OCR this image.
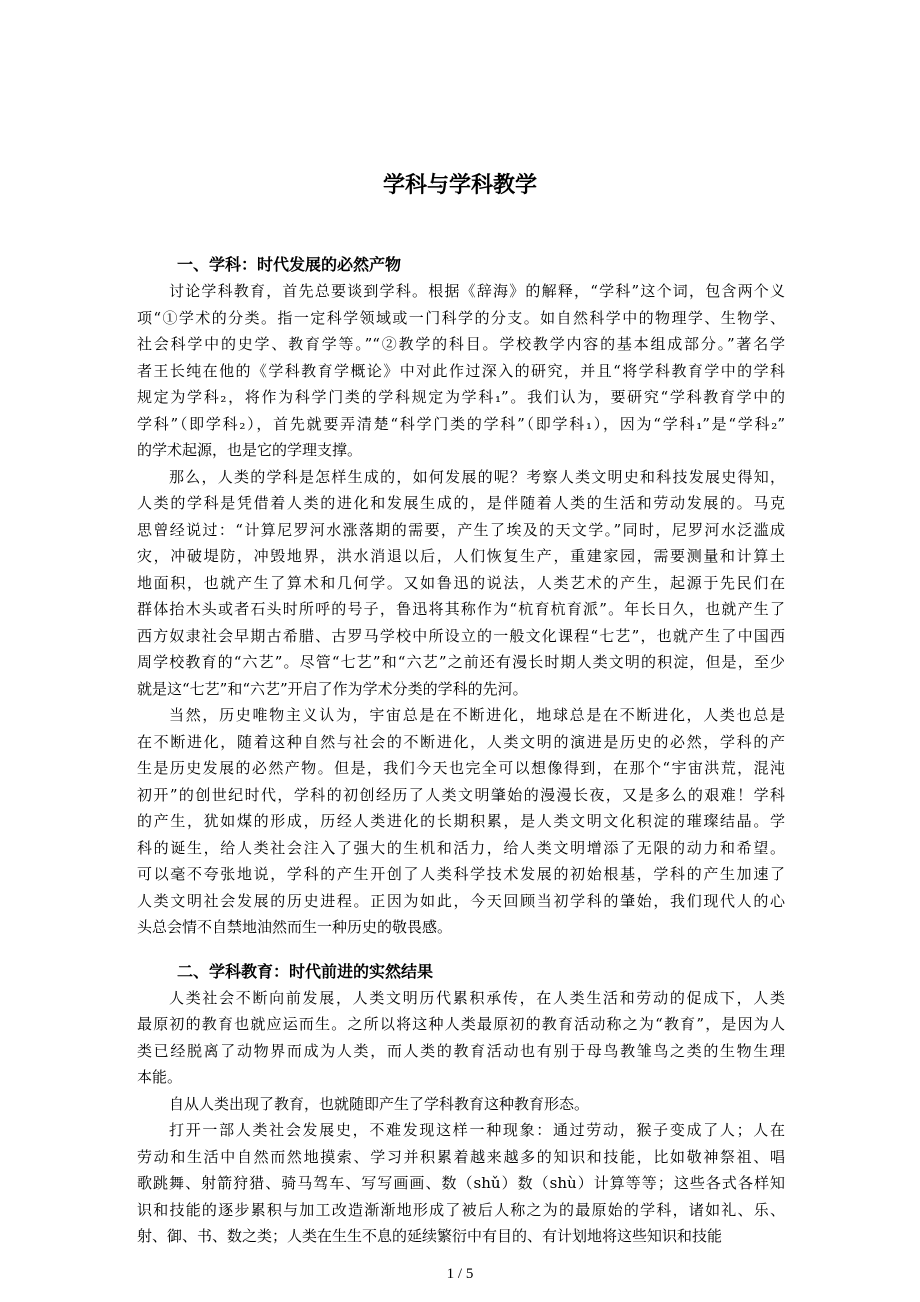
学科与学科教学
一、学科：时代发展的必然产物
讨论学科教育，首先总要谈到学科。根据《辞海》的解释，“学科”这个词，包含两个义
项“①学术的分类。指一定科学领域或一门科学的分支。如自然科学中的物理学、生物学、
社会科学中的史学、教育学等。”“②教学的科目。学校教学内容的基本组成部分。”著名学
者王长纯在他的《学科教育学概论》中对此作过深入的研究，并且“将学科教育学中的学科
规定为学科₂，将作为科学门类的学科规定为学科₁”。我们认为，要研究“学科教育学中的
学科”（即学科₂），首先就要弄清楚“科学门类的学科”（即学科₁），因为“学科₁”是“学科₂”
的学术起源，也是它的学理支撑。
那么，人类的学科是怎样生成的，如何发展的呢？考察人类文明史和科技发展史得知，
人类的学科是凭借着人类的进化和发展生成的，是伴随着人类的生活和劳动发展的。马克
思曾经说过：“计算尼罗河水涨落期的需要，产生了埃及的天文学。”同时，尼罗河水泛滥成
灾，冲破堤防，冲毁地界，洪水消退以后，人们恢复生产，重建家园，需要测量和计算土
地面积，也就产生了算术和几何学。又如鲁迅的说法，人类艺术的产生，起源于先民们在
群体抬木头或者石头时所呼的号子，鲁迅将其称作为“杭育杭育派”。年长日久，也就产生了
西方奴隶社会早期古希腊、古罗马学校中所设立的一般文化课程“七艺”，也就产生了中国西
周学校教育的“六艺”。尽管“七艺”和“六艺”之前还有漫长时期人类文明的积淀，但是，至少
就是这“七艺”和“六艺”开启了作为学术分类的学科的先河。
当然，历史唯物主义认为，宇宙总是在不断进化，地球总是在不断进化，人类也总是
在不断进化，随着这种自然与社会的不断进化，人类文明的演进是历史的必然，学科的产
生是历史发展的必然产物。但是，我们今天也完全可以想像得到，在那个“宇宙洪荒，混沌
初开”的创世纪时代，学科的初创经历了人类文明肇始的漫漫长夜，又是多么的艰难！学科
的产生，犹如煤的形成，历经人类进化的长期积累，是人类文明文化积淀的璀璨结晶。学
科的诞生，给人类社会注入了强大的生机和活力，给人类文明增添了无限的动力和希望。
可以毫不夸张地说，学科的产生开创了人类科学技术发展的初始根基，学科的产生加速了
人类文明社会发展的历史进程。正因为如此，今天回顾当初学科的肇始，我们现代人的心
头总会情不自禁地油然而生一种历史的敬畏感。
二、学科教育：时代前进的实然结果
人类社会不断向前发展，人类文明历代累积承传，在人类生活和劳动的促成下，人类
最原初的教育也就应运而生。之所以将这种人类最原初的教育活动称之为“教育”，是因为人
类已经脱离了动物界而成为人类，而人类的教育活动也有别于母鸟教雏鸟之类的生物生理
本能。
自从人类出现了教育，也就随即产生了学科教育这种教育形态。
打开一部人类社会发展史，不难发现这样一种现象：通过劳动，猴子变成了人；人在
劳动和生活中自然而然地摸索、学习并积累着越来越多的知识和技能，比如敬神祭祖、唱
歌跳舞、射箭狩猎、骑马驾车、写写画画、数（shǔ）数（shù）计算等等；这些各式各样知
识和技能的逐步累积与加工改造渐渐地形成了被后人称之为的最原始的学科，诸如礼、乐、
射、御、书、数之类；人类在生生不息的延续繁衍中有目的、有计划地将这些知识和技能
1 / 5
